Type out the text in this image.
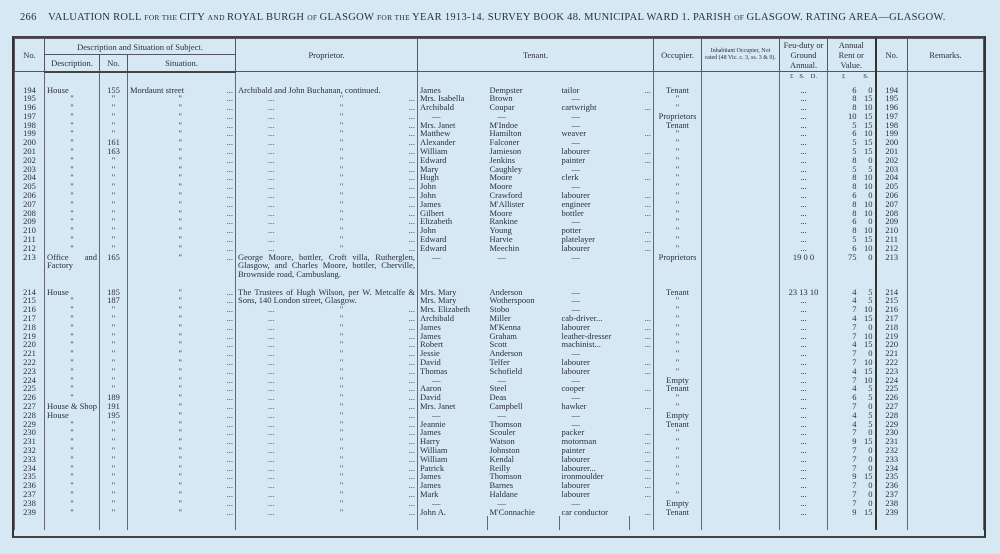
266 VALUATION ROLL FOR THE CITY AND ROYAL BURGH OF GLASGOW FOR THE YEAR 1913-14. SURVEY BOOK 48. MUNICIPAL WARD 1. PARISH OF GLASGOW. RATING AREA—GLASGOW.
No.	Description and Situation of Subject.			Proprietor.	Tenant.				Occupier.	Inhabitant Occupier, Not rated (48 Vic. c. 3, ss. 3 & 9).	Feu-duty or Ground Annual.	Annual Rent or Value.	No.	Remarks.
	Description.	No.	Situation.											

											£ S. D.	£ S.		

194	House	155	Mordaunt street ...	Archibald and John Buchanan, continued.	James	Dempster	tailor	...	Tenant		...	6 0	194	
195	"	"	" ...	... " ...	Mrs. Isabella	Brown	—		"		...	8 15	195	
196	"	"	" ...	... " ...	Archibald	Coupar	cartwright	...	"		...	8 10	196	
197	"	"	" ...	... " ...	—	—	—		Proprietors		...	10 15	197	
198	"	"	" ...	... " ...	Mrs. Janet	M'Indoe	—		Tenant		...	5 15	198	
199	"	"	" ...	... " ...	Matthew	Hamilton	weaver	...	"		...	6 10	199	
200	"	161	" ...	... " ...	Alexander	Falconer	—		"		...	5 15	200	
201	"	163	" ...	... " ...	William	Jamieson	labourer	...	"		...	5 15	201	
202	"	"	" ...	... " ...	Edward	Jenkins	painter	...	"		...	8 0	202	
203	"	"	" ...	... " ...	Mary	Caughley	—		"		...	5 5	203	
204	"	"	" ...	... " ...	Hugh	Moore	clerk	...	"		...	8 10	204	
205	"	"	" ...	... " ...	John	Moore	—		"		...	8 10	205	
206	"	"	" ...	... " ...	John	Crawford	labourer	...	"		...	6 0	206	
207	"	"	" ...	... " ...	James	M'Allister	engineer	...	"		...	8 10	207	
208	"	"	" ...	... " ...	Gilbert	Moore	bottler	...	"		...	8 10	208	
209	"	"	" ...	... " ...	Elizabeth	Rankine	—		"		...	6 0	209	
210	"	"	" ...	... " ...	John	Young	potter	...	"		...	8 10	210	
211	"	"	" ...	... " ...	Edward	Harvie	platelayer	...	"		...	5 15	211	
212	"	"	" ...	... " ...	Edward	Meechin	labourer	...	"		...	6 10	212	
213	Office and Factory	165	" ...	George Moore, bottler, Croft villa, Rutherglen, Glasgow, and Charles Moore, bottler, Cherville, Brownside road, Cambuslang.	—	—	—		Proprietors		19 0 0	75 0	213	
214	House	185	" ...	The Trustees of Hugh Wilson, per W. Metcalfe & Sons, 140 London street, Glasgow.	Mrs. Mary	Anderson	—		Tenant		23 13 10	4 5	214	
215	"	187	" ...		Mrs. Mary	Wotherspoon	—		"		...	4 5	215	
216	"	"	" ...	... " ...	Mrs. Elizabeth	Stobo	—		"		...	7 10	216	
217	"	"	" ...	... " ...	Archibald	Miller	cab-driver...	...	"		...	4 15	217	
218	"	"	" ...	... " ...	James	M'Kenna	labourer	...	"		...	7 0	218	
219	"	"	" ...	... " ...	James	Graham	leather-dresser	...	"		...	7 10	219	
220	"	"	" ...	... " ...	Robert	Scott	machinist...	...	"		...	4 15	220	
221	"	"	" ...	... " ...	Jessie	Anderson	—		"		...	7 0	221	
222	"	"	" ...	... " ...	David	Telfer	labourer	...	"		...	7 10	222	
223	"	"	" ...	... " ...	Thomas	Schofield	labourer	...	"		...	4 15	223	
224	"	"	" ...	... " ...	—	—	—		Empty		...	7 10	224	
225	"	"	" ...	... " ...	Aaron	Steel	cooper	...	Tenant		...	4 5	225	
226	"	189	" ...	... " ...	David	Deas	—		"		...	6 5	226	
227	House & Shop	191	" ...	... " ...	Mrs. Janet	Campbell	hawker	...	"		...	7 0	227	
228	House	195	" ...	... " ...	—	—	—		Empty		...	4 5	228	
229	"	"	" ...	... " ...	Jeannie	Thomson	—		Tenant		...	4 5	229	
230	"	"	" ...	... " ...	James	Scouler	packer	...	"		...	7 0	230	
231	"	"	" ...	... " ...	Harry	Watson	motorman	...	"		...	9 15	231	
232	"	"	" ...	... " ...	William	Johnston	painter	...	"		...	7 0	232	
233	"	"	" ...	... " ...	William	Kendal	labourer	...	"		...	7 0	233	
234	"	"	" ...	... " ...	Patrick	Reilly	labourer...	...	"		...	7 0	234	
235	"	"	" ...	... " ...	James	Thomson	ironmoulder	...	"		...	9 15	235	
236	"	"	" ...	... " ...	James	Barnes	labourer	...	"		...	7 0	236	
237	"	"	" ...	... " ...	Mark	Haldane	labourer	...	"		...	7 0	237	
238	"	"	" ...	... " ...	—	—	—		Empty		...	7 0	238	
239	"	"	" ...	... " ...	John A.	M'Connachie	car conductor	...	Tenant		...	9 15	239	
